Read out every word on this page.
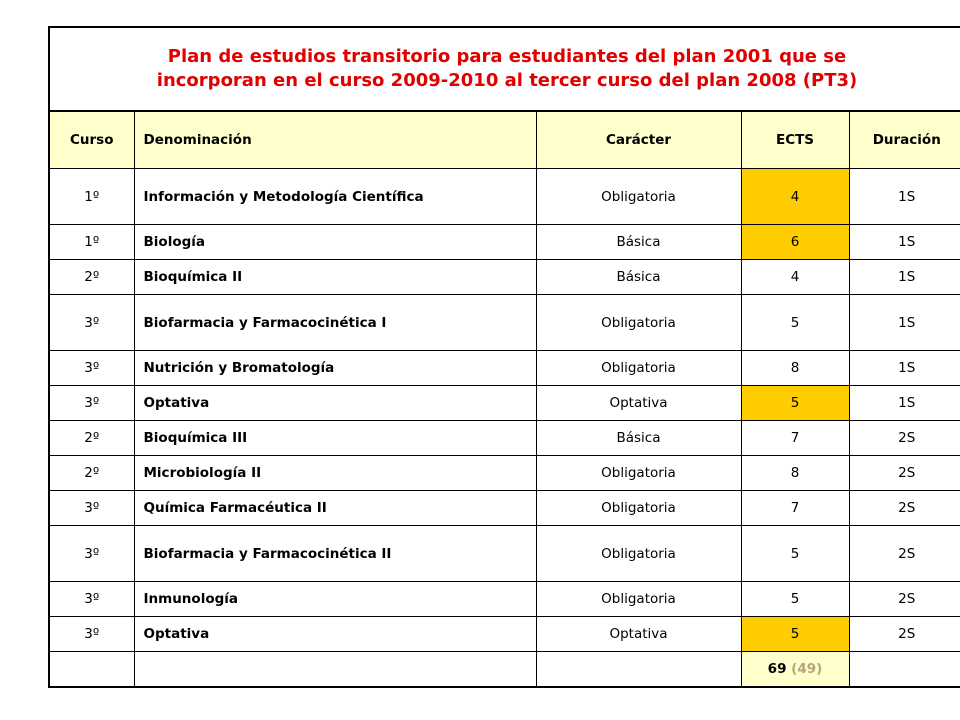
Plan de estudios transitorio para estudiantes del plan 2001 que se
incorporan en el curso 2009-2010 al tercer curso del plan 2008 (PT3)				

Curso	Denominación	Carácter	ECTS	Duración
1º	Información y Metodología Científica	Obligatoria	4	1S
1º	Biología	Básica	6	1S
2º	Bioquímica II	Básica	4	1S
3º	Biofarmacia y Farmacocinética I	Obligatoria	5	1S
3º	Nutrición y Bromatología	Obligatoria	8	1S
3º	Optativa	Optativa	5	1S
2º	Bioquímica III	Básica	7	2S
2º	Microbiología II	Obligatoria	8	2S
3º	Química Farmacéutica II	Obligatoria	7	2S
3º	Biofarmacia y Farmacocinética II	Obligatoria	5	2S
3º	Inmunología	Obligatoria	5	2S
3º	Optativa	Optativa	5	2S
			69 (49)	
